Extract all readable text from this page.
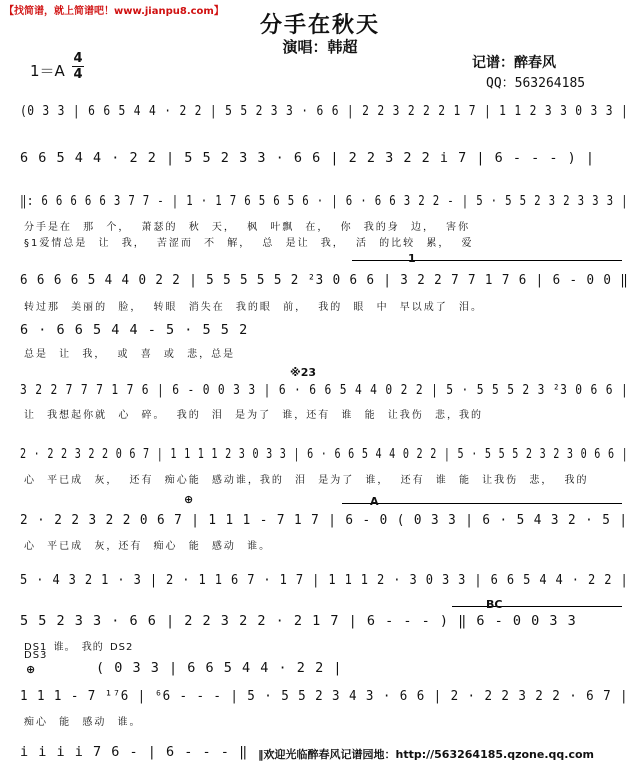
【找简谱，就上简谱吧！www.jianpu8.com】
分手在秋天
演唱：韩超
1＝A
4
4
记谱：醉春风
QQ：563264185
(0 3 3 | 6 6 5 4 4 · 2 2 | 5 5 2 3 3 · 6 6 | 2 2 3 2 2 2 1 7 | 1 1 2 3 3 0 3 3 |
6 6 5 4 4 · 2 2 | 5 5 2 3 3 · 6 6 | 2 2 3 2 2 i 7 | 6 - - - ) |
‖: 6 6 6 6 6 3 7 7 - | 1 · 1 7 6 5 6 5 6 · | 6 · 6 6 3 2 2 - | 5 · 5 5 2 3 2 3 3 3 |
分手是在 那 个， 萧瑟的 秋 天， 枫 叶飘 在， 你 我的身 边， 害你
§1爱情总是 让 我， 苦涩而 不 解， 总 是让 我， 活 的比较 累， 爱
1
6 6 6 6 5 4 4 0 2 2 | 5 5 5 5 5 2 ²3 0 6 6 | 3 2 2 7 7 1 7 6 | 6 - 0 0 ‖
转过那 美丽的 脸， 转眼 消失在 我的眼 前， 我的 眼 中 早以成了 泪。
6 · 6 6 5 4 4 - 5 · 5 5 2
总是 让 我， 或 喜 或 悲，总是
※23
3 2 2 7 7 7 1 7 6 | 6 - 0 0 3 3 | 6 · 6 6 5 4 4 0 2 2 | 5 · 5 5 5 2 3 ²3 0 6 6 |
让 我想起你就 心 碎。 我的 泪 是为了 谁，还有 谁 能 让我伤 悲，我的
2 · 2 2 3 2 2 0 6 7 | 1 1 1 1 2 3 0 3 3 | 6 · 6 6 5 4 4 0 2 2 | 5 · 5 5 5 2 3 2 3 0 6 6 |
心 平已成 灰， 还有 痴心能 感动谁，我的 泪 是为了 谁， 还有 谁 能 让我伤 悲， 我的
⊕	A
2 · 2 2 3 2 2 0 6 7 | 1 1 1 - 7 1 7 | 6 - 0 ( 0 3 3 | 6 · 5 4 3 2 · 5 |
心 平已成 灰，还有 痴心 能 感动 谁。
5 · 4 3 2 1 · 3 | 2 · 1 1 6 7 · 1 7 | 1 1 1 2 · 3 0 3 3 | 6 6 5 4 4 · 2 2 |
BC
5 5 2 3 3 · 6 6 | 2 2 3 2 2 · 2 1 7 | 6 - - - ) ‖ 6 - 0 0 3 3
DS1 谁。 我的 DS2
DS3
⊕	( 0 3 3 | 6 6 5 4 4 · 2 2 |
1 1 1 - 7 ¹⁷6 | ⁶6 - - - | 5 · 5 5 2 3 4 3 · 6 6 | 2 · 2 2 3 2 2 · 6 7 |
痴心 能 感动 谁。
i i i i 7 6 - | 6 - - - ‖ ‖欢迎光临醉春风记谱园地：http://563264185.qzone.qq.com
